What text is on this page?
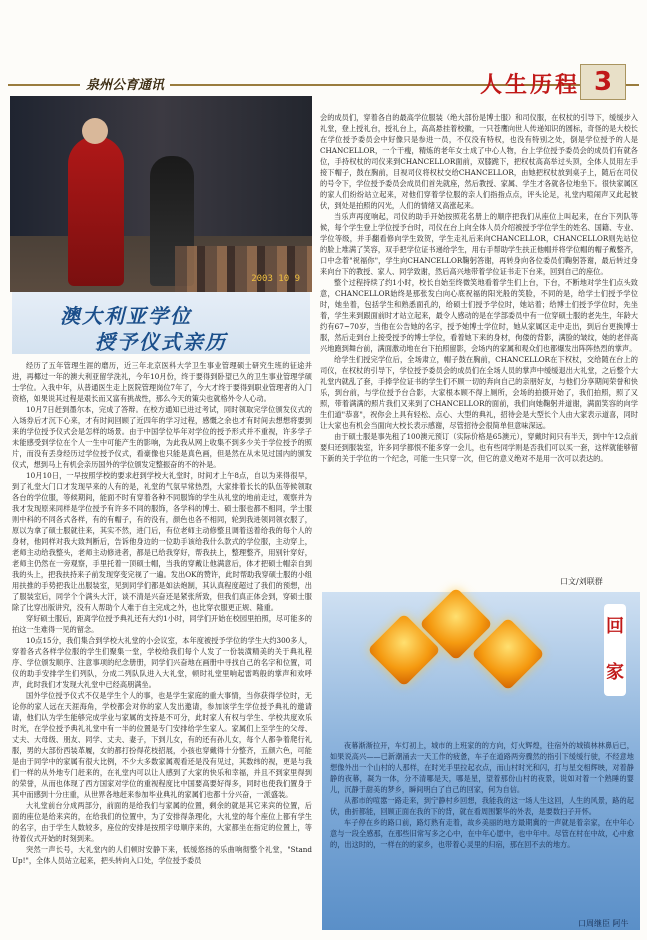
泉州公育通讯	人生历程 3
2003 10 9
澳大利亚学位
授予仪式亲历

经历了五年管理生涯的磨历，近三年北京医科大学卫生事业管理硕士研究生班的征途并进，再椰过一年的澳大利亚留学洗礼，今年10月份，终于要得到卧望已久的卫生事业管理学硕士学位。入我中年，从普通医生走上医院管理岗位7年了，今大才终于要得到职业管理者的入门资格，如果说其过程是艰长而又富有挑战性，那么今天的策尖也就格外令人心动。

10月7日赶到墨尔本，完成了答辩。在校方通知已进过考试，同时领取完学位颁发仪式的入场券后才沉下心来，才有时间回顾了近四年的学习过程，感慨之余也才有时间去想想将要到来的学位授予仪式会是怎样的场景。由于中国学位毕年对学位的授予形式并不重视，许多学子未能感受到学位在个人一生中可能产生的影响，为此我从网上收集不到多少关于学位授予的照片，而没有丢身经历过学位授予仪式，看豪像也只能是真色画，但是然在从未见过国内的颁发仪式，想到马上有机会亲历国外的学位颁发定整振奋的不的补是。

10月10日，一早按照学校的要求赶到学校大礼堂时，时间才上午8点，自以为来得很早，到了礼堂大门口才发现早来的人有的是，礼堂的气氛早常热烈，大家排着长长的队伍等候领取各台的学位服，等候期间，能面不时有穿着各种不同服饰的学生从礼堂的地前走过，观察并为我才发现原来同样是学位授予有许多不同的服饰，各学科的博士、硕士服也都不相同，学士服则中科的不同各式各样，有的有帽子，有的没有，颜色也各不相同，轮到我进领同领衣服了，原以为拿了硕士服就往来，其实不然，进门后，有位老师主动修整且调着送着给我的每个人的身材，他同样对我大致判断后，告诉他身边的一位助手该给我什么款式的学位服，主动穿上，老师主动给我整头，老师主动修进者，都是已给我穿好，帮我扶上，整理整齐，用别针穿好，老师主仍然在一旁观察，手里托着一顶硕士帽，当我的穿戴让他满意后，体才把硕士帽亲自到我的头上，把我扶持来子前发现穿变完视了一遍。发出OK的赞许，此时帮助我穿硕士服的小组用扶推的手势把我让出服装室，见到同学们都是如法炮制，其认真程度超过了我们的预想，出了服装室后，同学个个满头大汗，谈不清是兴奋还是紧张所致，但我们真正体会到，穿硕士服除了比穿出版讲究，没有人帮助个人难于自主完成之外，也比穿衣服更正规、隆重。

穿好硕士服后，距离学位授予典礼还有大约1小时，同学们开始在校园里拍照，尽可能多的拍这一生难得一见的留念。

10点15分，我们集合到学校大礼堂的小会议室，本年度被授予学位的学生大约300多人，穿着各式各样学位服的学生们聚集一堂，学校给我们每个人发了一份装潢精美的关于典礼程序、学位颁发顺序、注意事项的纪念册册，同学们兴奋地在画册中寻找自己的名字和位置，司仪的助手安排学生们列队，分成二列队队进入大礼堂，顿时礼堂里响起雷鸣般的掌声和欢呼声，此时我们才发现大礼堂中已经高朋满坐。

国外学位授予仪式不仅是学生个人的事，也是学生家庭的重大事情，当你获得学位时，无论你的家人远在天涯海角，学校都会对你的家人发出邀请，参加该学生学位授予典礼的邀请请，他们认为学生能够完成学业与家属的支持是不可分，此时家人有权与学生、学校共度欢乐时光，在学位授予典礼礼堂中有一半的位置是专门安排给学生家人。家属们上至学生的父母、丈夫、大母级、朋友、同学、丈夫、妻子，下到儿女，有的还有孙儿女，每个人都争着爬行礼服，男的大部份西装革履，女的都打扮得花枝招展，小孩也穿戴得十分整齐，五颜六色，可能是由于同学中的家属有很大比例，不少大多数家属观看还是没有见过，其数纬的视，更是与我们一样的从外地专门赶来的，在礼堂内可以让人感到了大家的快乐和幸福，并且不到家里得到的荣誉，从而也体现了西方国家对学位的重视程度比中国要高要好得多，同时也使我们置身于其中而感到十分庄重，从世界各地赶来参加毕业典礼的家属们也都十分兴奋，一派盛装。

大礼堂前台分成两部分，前面的是给我们与家属的位置，剩余的就是其它来宾的位置，后面的座位是给来宾的，在给我们的位置中，为了安排得条理化，大礼堂的每个座位上都有学生的名字，由于学生人数较多，座位的安排是按照字母顺序来的，大家都坐在指定的位置上，等待着仪式开始的时刻到来。

突然一声长号，大礼堂内的人们顿时安静下来，低缓悠扬的乐曲响彻整个礼堂，"Stand Up!"，全体人员站立起来，把头转向入口处，学位授予委员

会的成员们，穿着各自的最高学位服装（绝大部份是博士服）和司仪服，在权杖的引导下，缓缓步入礼堂，登上授礼台，授礼台上，高高悬挂着校徽，一只苍鹰向世人传递知识的圆标，奇怪的是大校长在学位授予委员会中好像只是参进一员，不仅没有特权，也没有特别之处，倒是学位授予的人是CHANCELLOR，一个干瘦，精炼的老年女士成了中心人物，台上学位授予委员会的成员们有就各位，手持权杖的司仪来到CHANCELLOR面前，双膝跪下，把权杖高高举过头顶，全体人员用左手接下帽子，鼓在胸前，目视司仪将权杖交给CHANCELLOR，由她把权杖放到桌子上，随后在司仪的号令下，学位授予委员会成员们首先就座，然后教授、家属、学生才各就各位地坐下。很快家属区的家人们纷纷站立起来，对他们穿着学位服的亲人们指指点点，评头论足，礼堂内喧闹声又此起彼伏，到处是拍照的闪光，人们的情绪又高涨起来。

当乐声再度响起，司仪的助手开始按照花名册上的顺序把我们从座位上叫起来，在台下列队等候，每个学生登上学位授予台时，司仪在台上向全体人员介绍被授予学位学生的姓名、国籍、专业、学位等级，并手翻看修向学生致贺，学生走礼后来向CHANCELLOR，CHANCELLOR则先站位的脸上堆满了笑容，双手把学位证书递给学生，用右手帮助学生扶正他帽并将学位帽的帽子戴整齐，口中念着"祝福你"，学生向CHANCELLOR鞠躬答谢，再转身向各位委员们鞠躬答谢，最后转过身来向台下的教授、家人、同学致谢，然后高兴地带着学位证书走下台来，回到自己的座位。

整个过程持续了约1小时，校长自始至终微笑地看着学生们上台，下台，不断地对学生们点头致意，CHANCELLOR始终是那张发白向心底祝福的阳光般的笑脸，不同的是，给学士们授予学位时，她坐着，包括学生和熟悉面孔的，给硕士们授予学位时，她站着；给博士们授予学位时，先坐着，学生来到跟面前时才站立起来，最令人感动的是在学部委员中有一位穿硕士服的老先生，年龄大约有67~70岁，当他在公告她的名字，授予她博士学位时，她从家属区走中走出，到后台更换博士服，然后走到台上接受授予的博士学位，看着她下来的身材，佝偻的背影，满脸的皱纹，她的老伴高兴地跑到舞台前，满面激动地在台下拍照留影，会场内的家属和观众们也都爆发出阵阵热烈的掌声。

给学生们授完学位后，全场肃立，帽子鼓在胸前，CHANCELLOR在下权杖，交给随在台上的司仪，在权杖的引导下，学位授予委员会的成员们在全场人员的掌声中缓缓退出大礼堂，之后整个大礼堂内就乱了套，手捧学位证书的学生们不顾一切的奔向自己的亲朋好友，与他们分享期间荣誉和快乐，到台前，与学位授予台合影，大家根本顾不得上厕所，会场的拍摄开始了，我们拍照，照了又照，带着满满的照片我们又来到了CHANCELLOR的面前，我们向她鞠躬并道谢，满面笑容的向学生们道"恭喜"，祝你会上具有轻松、点心、大型的典礼，招待会是大型长个人由大家表示道喜，同时让大家也有机会当面向大校长表示感谢，尽管招待会很简单但意味深远。

由于硕士服是事先租了100澳元预订（实际价格是65澳元），穿戴时间只有半天，到中午12点前要归还到服装室，许多同学都恨不能多穿一会儿，也有些同学则是否我们可以买一套，这样就能够留下新的关于学位的一个纪念，可能一生只穿一次，但它的意义绝对不是用一次可以表达的。

口文/刘联群
回家

夜幕渐渐拉开，车灯初上，城市的上班家的的方向，灯火辉煌，往宿外的城镇林林鼻后已，如果说高兴——已新潮涌去一天工作的疲惫，车子在道路两旁骤然的指引下缓缓行驶，不经意地想像外出一个山村的人那样，在时光手里拉起衣点，而山村时光和闪，打与星交相辉映，对着静静的夜幕，凝为一体，分不清哪是天，哪是星，望着那份山村的夜景，说如对着一个熟睡的婴儿，沉静于甜美的梦乡，瞬间明白了自己的回家，何为自信。

从都市的喧嚣一路走来，到宁静村乡回想，我能我的这一场人生这回，人生的风景，路的起伏，曲折都能，回顾正面在我的下的背，就在看周围繁华的外表，是要数扫子开怀。

车子停在乡的路口前，路灯熟有走着，故乡美丽的地方最期冀的一声就是着亲家，在中年心意与一段全感那，在那些旧常写多之心中，在中年心愿中，也中年中。尽管在村在中故，心中愈的，出这时的，一样在的的家乡，也带着心灵里的归宿，那在回不去的地方。

口周继臣 阿牛
